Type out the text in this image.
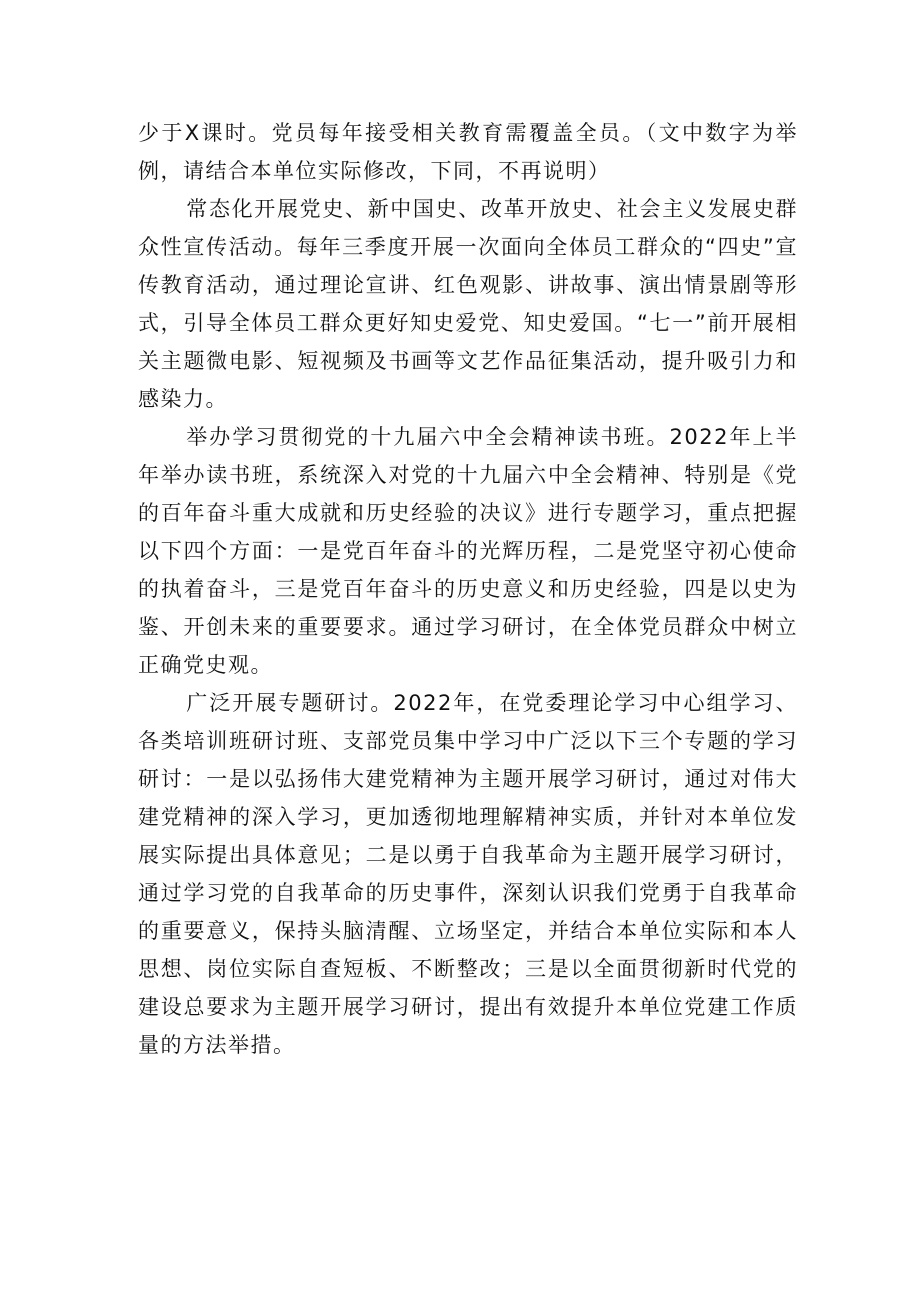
少于X课时。党员每年接受相关教育需覆盖全员。（文中数字为举例，请结合本单位实际修改，下同，不再说明）

常态化开展党史、新中国史、改革开放史、社会主义发展史群众性宣传活动。每年三季度开展一次面向全体员工群众的“四史”宣传教育活动，通过理论宣讲、红色观影、讲故事、演出情景剧等形式，引导全体员工群众更好知史爱党、知史爱国。“七一”前开展相关主题微电影、短视频及书画等文艺作品征集活动，提升吸引力和感染力。

举办学习贯彻党的十九届六中全会精神读书班。2022年上半年举办读书班，系统深入对党的十九届六中全会精神、特别是《党的百年奋斗重大成就和历史经验的决议》进行专题学习，重点把握以下四个方面：一是党百年奋斗的光辉历程，二是党坚守初心使命的执着奋斗，三是党百年奋斗的历史意义和历史经验，四是以史为鉴、开创未来的重要要求。通过学习研讨，在全体党员群众中树立正确党史观。

广泛开展专题研讨。2022年，在党委理论学习中心组学习、各类培训班研讨班、支部党员集中学习中广泛以下三个专题的学习研讨：一是以弘扬伟大建党精神为主题开展学习研讨，通过对伟大建党精神的深入学习，更加透彻地理解精神实质，并针对本单位发展实际提出具体意见；二是以勇于自我革命为主题开展学习研讨，通过学习党的自我革命的历史事件，深刻认识我们党勇于自我革命的重要意义，保持头脑清醒、立场坚定，并结合本单位实际和本人思想、岗位实际自查短板、不断整改；三是以全面贯彻新时代党的建设总要求为主题开展学习研讨，提出有效提升本单位党建工作质量的方法举措。
